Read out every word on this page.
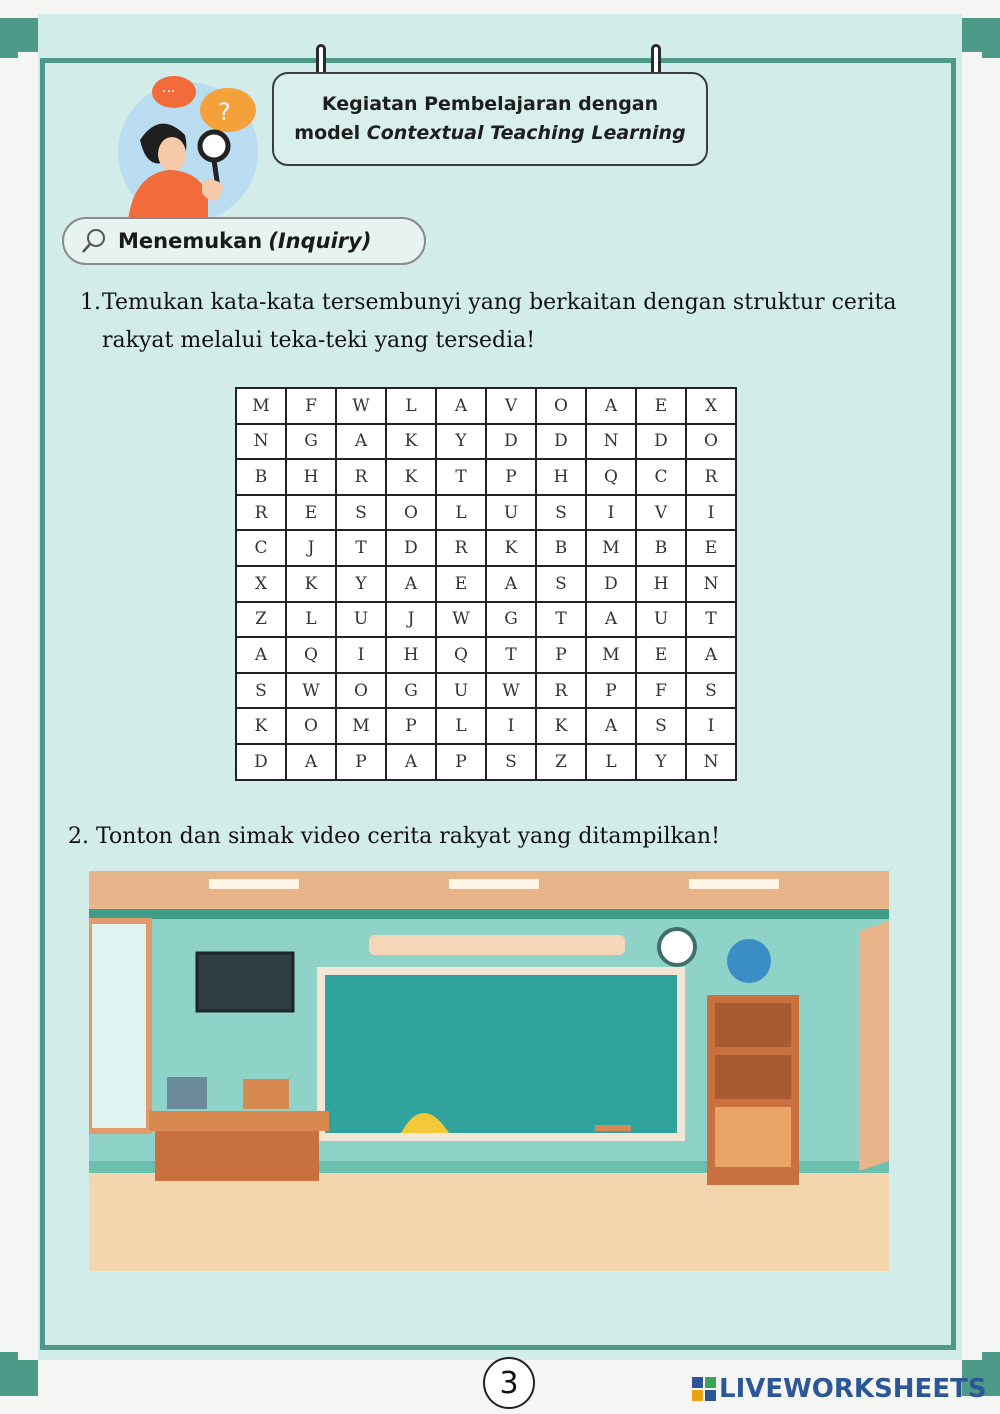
···
?	Kegiatan Pembelajaran dengan
model Contextual Teaching Learning
Menemukan (Inquiry)
1. Temukan kata-kata tersembunyi yang berkaitan dengan struktur cerita rakyat melalui teka-teki yang tersedia!
M	F	W	L	A	V	O	A	E	X
N	G	A	K	Y	D	D	N	D	O
B	H	R	K	T	P	H	Q	C	R
R	E	S	O	L	U	S	I	V	I
C	J	T	D	R	K	B	M	B	E
X	K	Y	A	E	A	S	D	H	N
Z	L	U	J	W	G	T	A	U	T
A	Q	I	H	Q	T	P	M	E	A
S	W	O	G	U	W	R	P	F	S
K	O	M	P	L	I	K	A	S	I
D	A	P	A	P	S	Z	L	Y	N
2. Tonton dan simak video cerita rakyat yang ditampilkan!
3	LIVEWORKSHEETS
